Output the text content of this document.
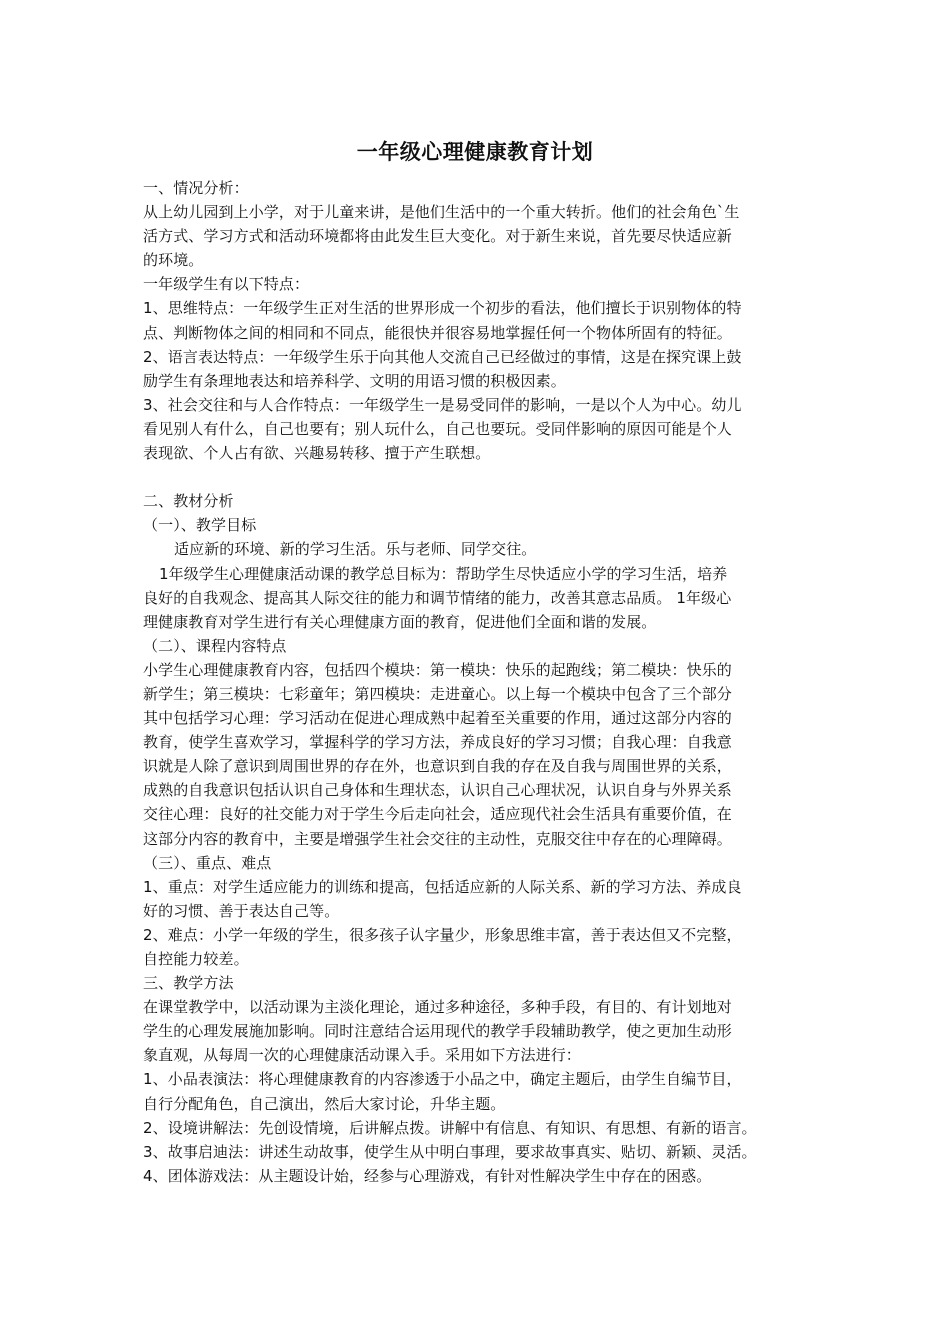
一年级心理健康教育计划
一、情况分析：
从上幼儿园到上小学，对于儿童来讲，是他们生活中的一个重大转折。他们的社会角色`生
活方式、学习方式和活动环境都将由此发生巨大变化。对于新生来说，首先要尽快适应新
的环境。
一年级学生有以下特点：
1、思维特点：一年级学生正对生活的世界形成一个初步的看法，他们擅长于识别物体的特
点、判断物体之间的相同和不同点，能很快并很容易地掌握任何一个物体所固有的特征。
2、语言表达特点：一年级学生乐于向其他人交流自己已经做过的事情，这是在探究课上鼓
励学生有条理地表达和培养科学、文明的用语习惯的积极因素。
3、社会交往和与人合作特点：一年级学生一是易受同伴的影响，一是以个人为中心。幼儿
看见别人有什么，自己也要有；别人玩什么，自己也要玩。受同伴影响的原因可能是个人
表现欲、个人占有欲、兴趣易转移、擅于产生联想。
二、教材分析
（一）、教学目标
适应新的环境、新的学习生活。乐与老师、同学交往。
1年级学生心理健康活动课的教学总目标为：帮助学生尽快适应小学的学习生活，培养
良好的自我观念、提高其人际交往的能力和调节情绪的能力，改善其意志品质。 1年级心
理健康教育对学生进行有关心理健康方面的教育，促进他们全面和谐的发展。
（二）、课程内容特点
小学生心理健康教育内容，包括四个模块：第一模块：快乐的起跑线；第二模块：快乐的
新学生；第三模块：七彩童年；第四模块：走进童心。以上每一个模块中包含了三个部分
其中包括学习心理：学习活动在促进心理成熟中起着至关重要的作用，通过这部分内容的
教育，使学生喜欢学习，掌握科学的学习方法，养成良好的学习习惯；自我心理：自我意
识就是人除了意识到周围世界的存在外，也意识到自我的存在及自我与周围世界的关系，
成熟的自我意识包括认识自己身体和生理状态，认识自己心理状况，认识自身与外界关系
交往心理：良好的社交能力对于学生今后走向社会，适应现代社会生活具有重要价值，在
这部分内容的教育中，主要是增强学生社会交往的主动性，克服交往中存在的心理障碍。
（三）、重点、难点
1、重点：对学生适应能力的训练和提高，包括适应新的人际关系、新的学习方法、养成良
好的习惯、善于表达自己等。
2、难点：小学一年级的学生，很多孩子认字量少，形象思维丰富，善于表达但又不完整，
自控能力较差。
三、教学方法
在课堂教学中，以活动课为主淡化理论，通过多种途径，多种手段，有目的、有计划地对
学生的心理发展施加影响。同时注意结合运用现代的教学手段辅助教学，使之更加生动形
象直观，从每周一次的心理健康活动课入手。采用如下方法进行：
1、小品表演法：将心理健康教育的内容渗透于小品之中，确定主题后，由学生自编节目，
自行分配角色，自己演出，然后大家讨论，升华主题。
2、设境讲解法：先创设情境，后讲解点拨。讲解中有信息、有知识、有思想、有新的语言。
3、故事启迪法：讲述生动故事，使学生从中明白事理，要求故事真实、贴切、新颖、灵活。
4、团体游戏法：从主题设计始，经参与心理游戏，有针对性解决学生中存在的困惑。
